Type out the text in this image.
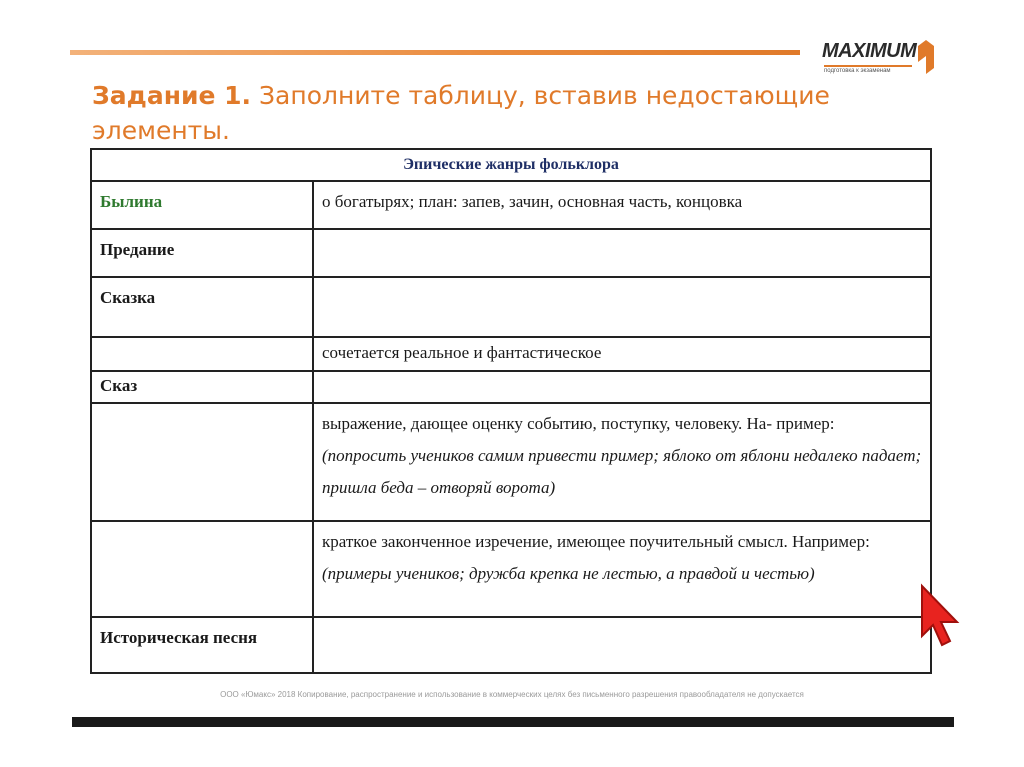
MAXIMUM
подготовка к экзаменам
Задание 1. Заполните таблицу, вставив недостающие элементы.
Эпические жанры фольклора	
Былина	о богатырях; план: запев, зачин, основная часть, концовка
Предание	
Сказка	
	сочетается реальное и фантастическое
Сказ	
	выражение, дающее оценку событию, поступку, человеку. На- пример: (попросить учеников самим привести пример; яблоко от яблони недалеко падает; пришла беда – отворяй ворота)
	краткое законченное изречение, имеющее поучительный смысл. Например: (примеры учеников; дружба крепка не лестью, а правдой и честью)
Историческая песня	
ООО «Юмакс» 2018 Копирование, распространение и использование в коммерческих целях без письменного разрешения правообладателя не допускается
